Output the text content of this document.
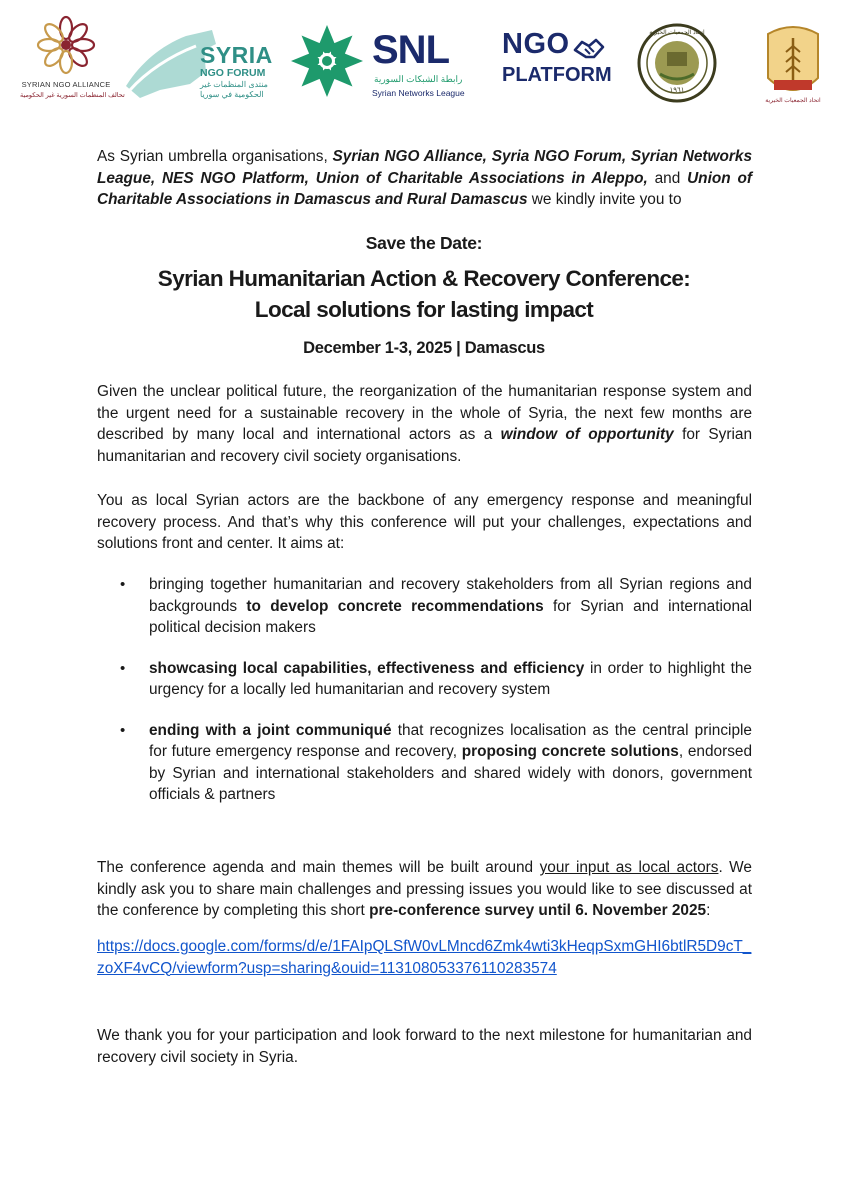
SYRIAN NGO ALLIANCE
تحالف المنظمات السورية غير الحكومية
SYRIA
NGO FORUM
منتدى المنظمات غير
الحكومية في سوريا
SNL
رابطة الشبكات السورية
Syrian Networks League
NGO
PLATFORM
اتحاد الجمعيات الخيرية
١٩٦١
اتحاد الجمعيات الخيرية
As Syrian umbrella organisations, Syrian NGO Alliance, Syria NGO Forum, Syrian Networks League, NES NGO Platform, Union of Charitable Associations in Aleppo, and Union of Charitable Associations in Damascus and Rural Damascus we kindly invite you to
Save the Date:
Syrian Humanitarian Action & Recovery Conference:
Local solutions for lasting impact
December 1-3, 2025 | Damascus
Given the unclear political future, the reorganization of the humanitarian response system and the urgent need for a sustainable recovery in the whole of Syria, the next few months are described by many local and international actors as a window of opportunity for Syrian humanitarian and recovery civil society organisations.
You as local Syrian actors are the backbone of any emergency response and meaningful recovery process. And that’s why this conference will put your challenges, expectations and solutions front and center. It aims at:
• bringing together humanitarian and recovery stakeholders from all Syrian regions and backgrounds to develop concrete recommendations for Syrian and international political decision makers
• showcasing local capabilities, effectiveness and efficiency in order to highlight the urgency for a locally led humanitarian and recovery system
• ending with a joint communiqué that recognizes localisation as the central principle for future emergency response and recovery, proposing concrete solutions, endorsed by Syrian and international stakeholders and shared widely with donors, government officials & partners
The conference agenda and main themes will be built around your input as local actors. We kindly ask you to share main challenges and pressing issues you would like to see discussed at the conference by completing this short pre-conference survey until 6. November 2025:
https://docs.google.com/forms/d/e/1FAIpQLSfW0vLMncd6Zmk4wti3kHeqpSxmGHI6btlR5D9cT_zoXF4vCQ/viewform?usp=sharing&ouid=113108053376110283574
We thank you for your participation and look forward to the next milestone for humanitarian and recovery civil society in Syria.
